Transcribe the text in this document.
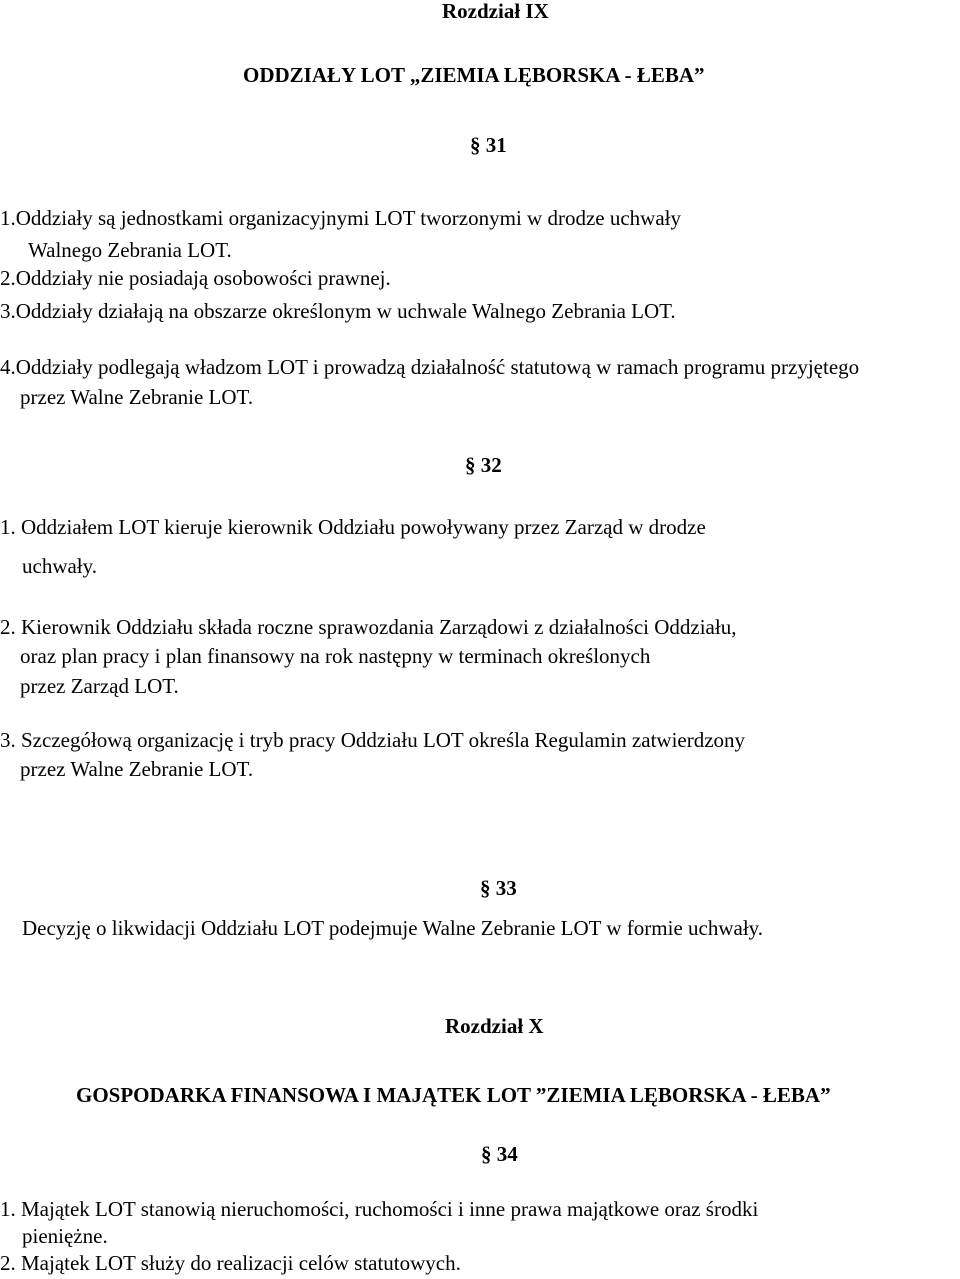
Rozdział IX
ODDZIAŁY LOT „ZIEMIA LĘBORSKA - ŁEBA”
§ 31
1.Oddziały są jednostkami organizacyjnymi LOT tworzonymi w drodze uchwały
Walnego Zebrania LOT.
2.Oddziały nie posiadają osobowości prawnej.
3.Oddziały działają na obszarze określonym w uchwale Walnego Zebrania LOT.
4.Oddziały podlegają władzom LOT i prowadzą działalność statutową w ramach programu przyjętego
przez Walne Zebranie LOT.
§ 32
1. Oddziałem LOT kieruje kierownik Oddziału powoływany przez Zarząd w drodze
uchwały.
2. Kierownik Oddziału składa roczne sprawozdania Zarządowi z działalności Oddziału,
oraz plan pracy i plan finansowy na rok następny w terminach określonych
przez Zarząd LOT.
3. Szczegółową organizację i tryb pracy Oddziału LOT określa Regulamin zatwierdzony
przez Walne Zebranie LOT.
§ 33
Decyzję o likwidacji Oddziału LOT podejmuje Walne Zebranie LOT w formie uchwały.
Rozdział X
GOSPODARKA FINANSOWA I MAJĄTEK LOT ”ZIEMIA LĘBORSKA - ŁEBA”
§ 34
1. Majątek LOT stanowią nieruchomości, ruchomości i inne prawa majątkowe oraz środki
pieniężne.
2. Majątek LOT służy do realizacji celów statutowych.
